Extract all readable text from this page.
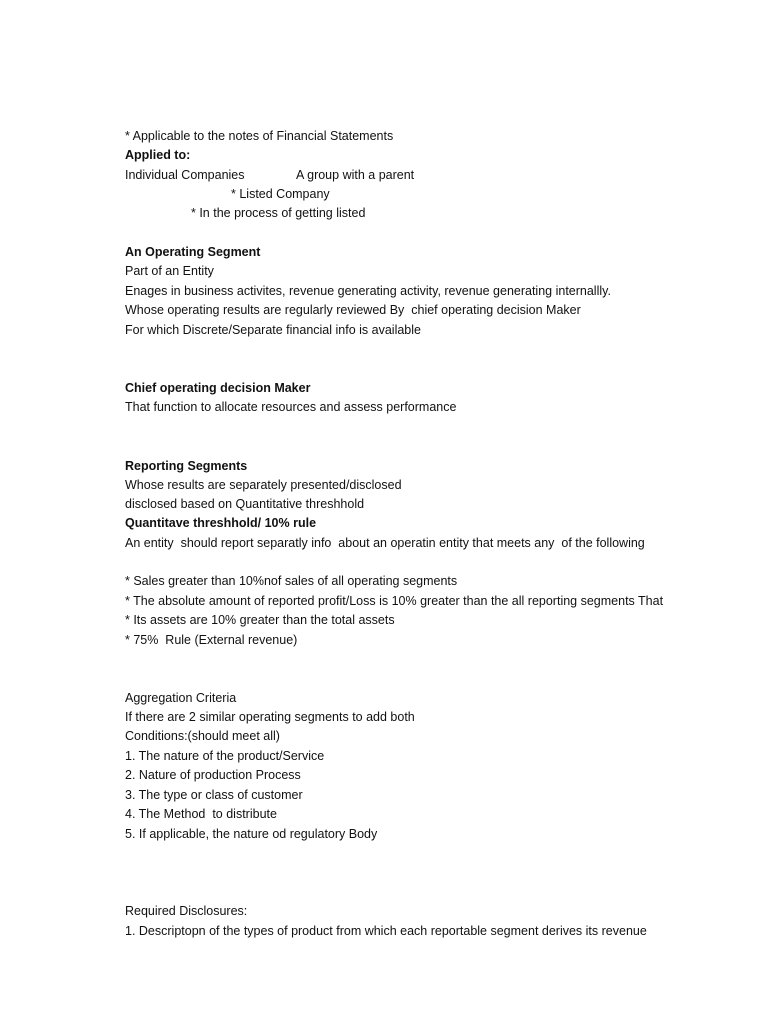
* Applicable to the notes of Financial Statements
Applied to:
Individual Companies	A group with a parent
* Listed Company
* In the process of getting listed
An Operating Segment
Part of an Entity
Enages in business activites, revenue generating activity, revenue generating internallly.
Whose operating results are regularly reviewed By  chief operating decision Maker
For which Discrete/Separate financial info is available
Chief operating decision Maker
That function to allocate resources and assess performance
Reporting Segments
Whose results are separately presented/disclosed
disclosed based on Quantitative threshhold
Quantitave threshhold/ 10% rule
An entity  should report separatly info  about an operatin entity that meets any  of the following
* Sales greater than 10%nof sales of all operating segments
* The absolute amount of reported profit/Loss is 10% greater than the all reporting segments That
* Its assets are 10% greater than the total assets
* 75%  Rule (External revenue)
Aggregation Criteria
If there are 2 similar operating segments to add both
Conditions:(should meet all)
1. The nature of the product/Service
2. Nature of production Process
3. The type or class of customer
4. The Method  to distribute
5. If applicable, the nature od regulatory Body
Required Disclosures:
1. Descriptopn of the types of product from which each reportable segment derives its revenue
